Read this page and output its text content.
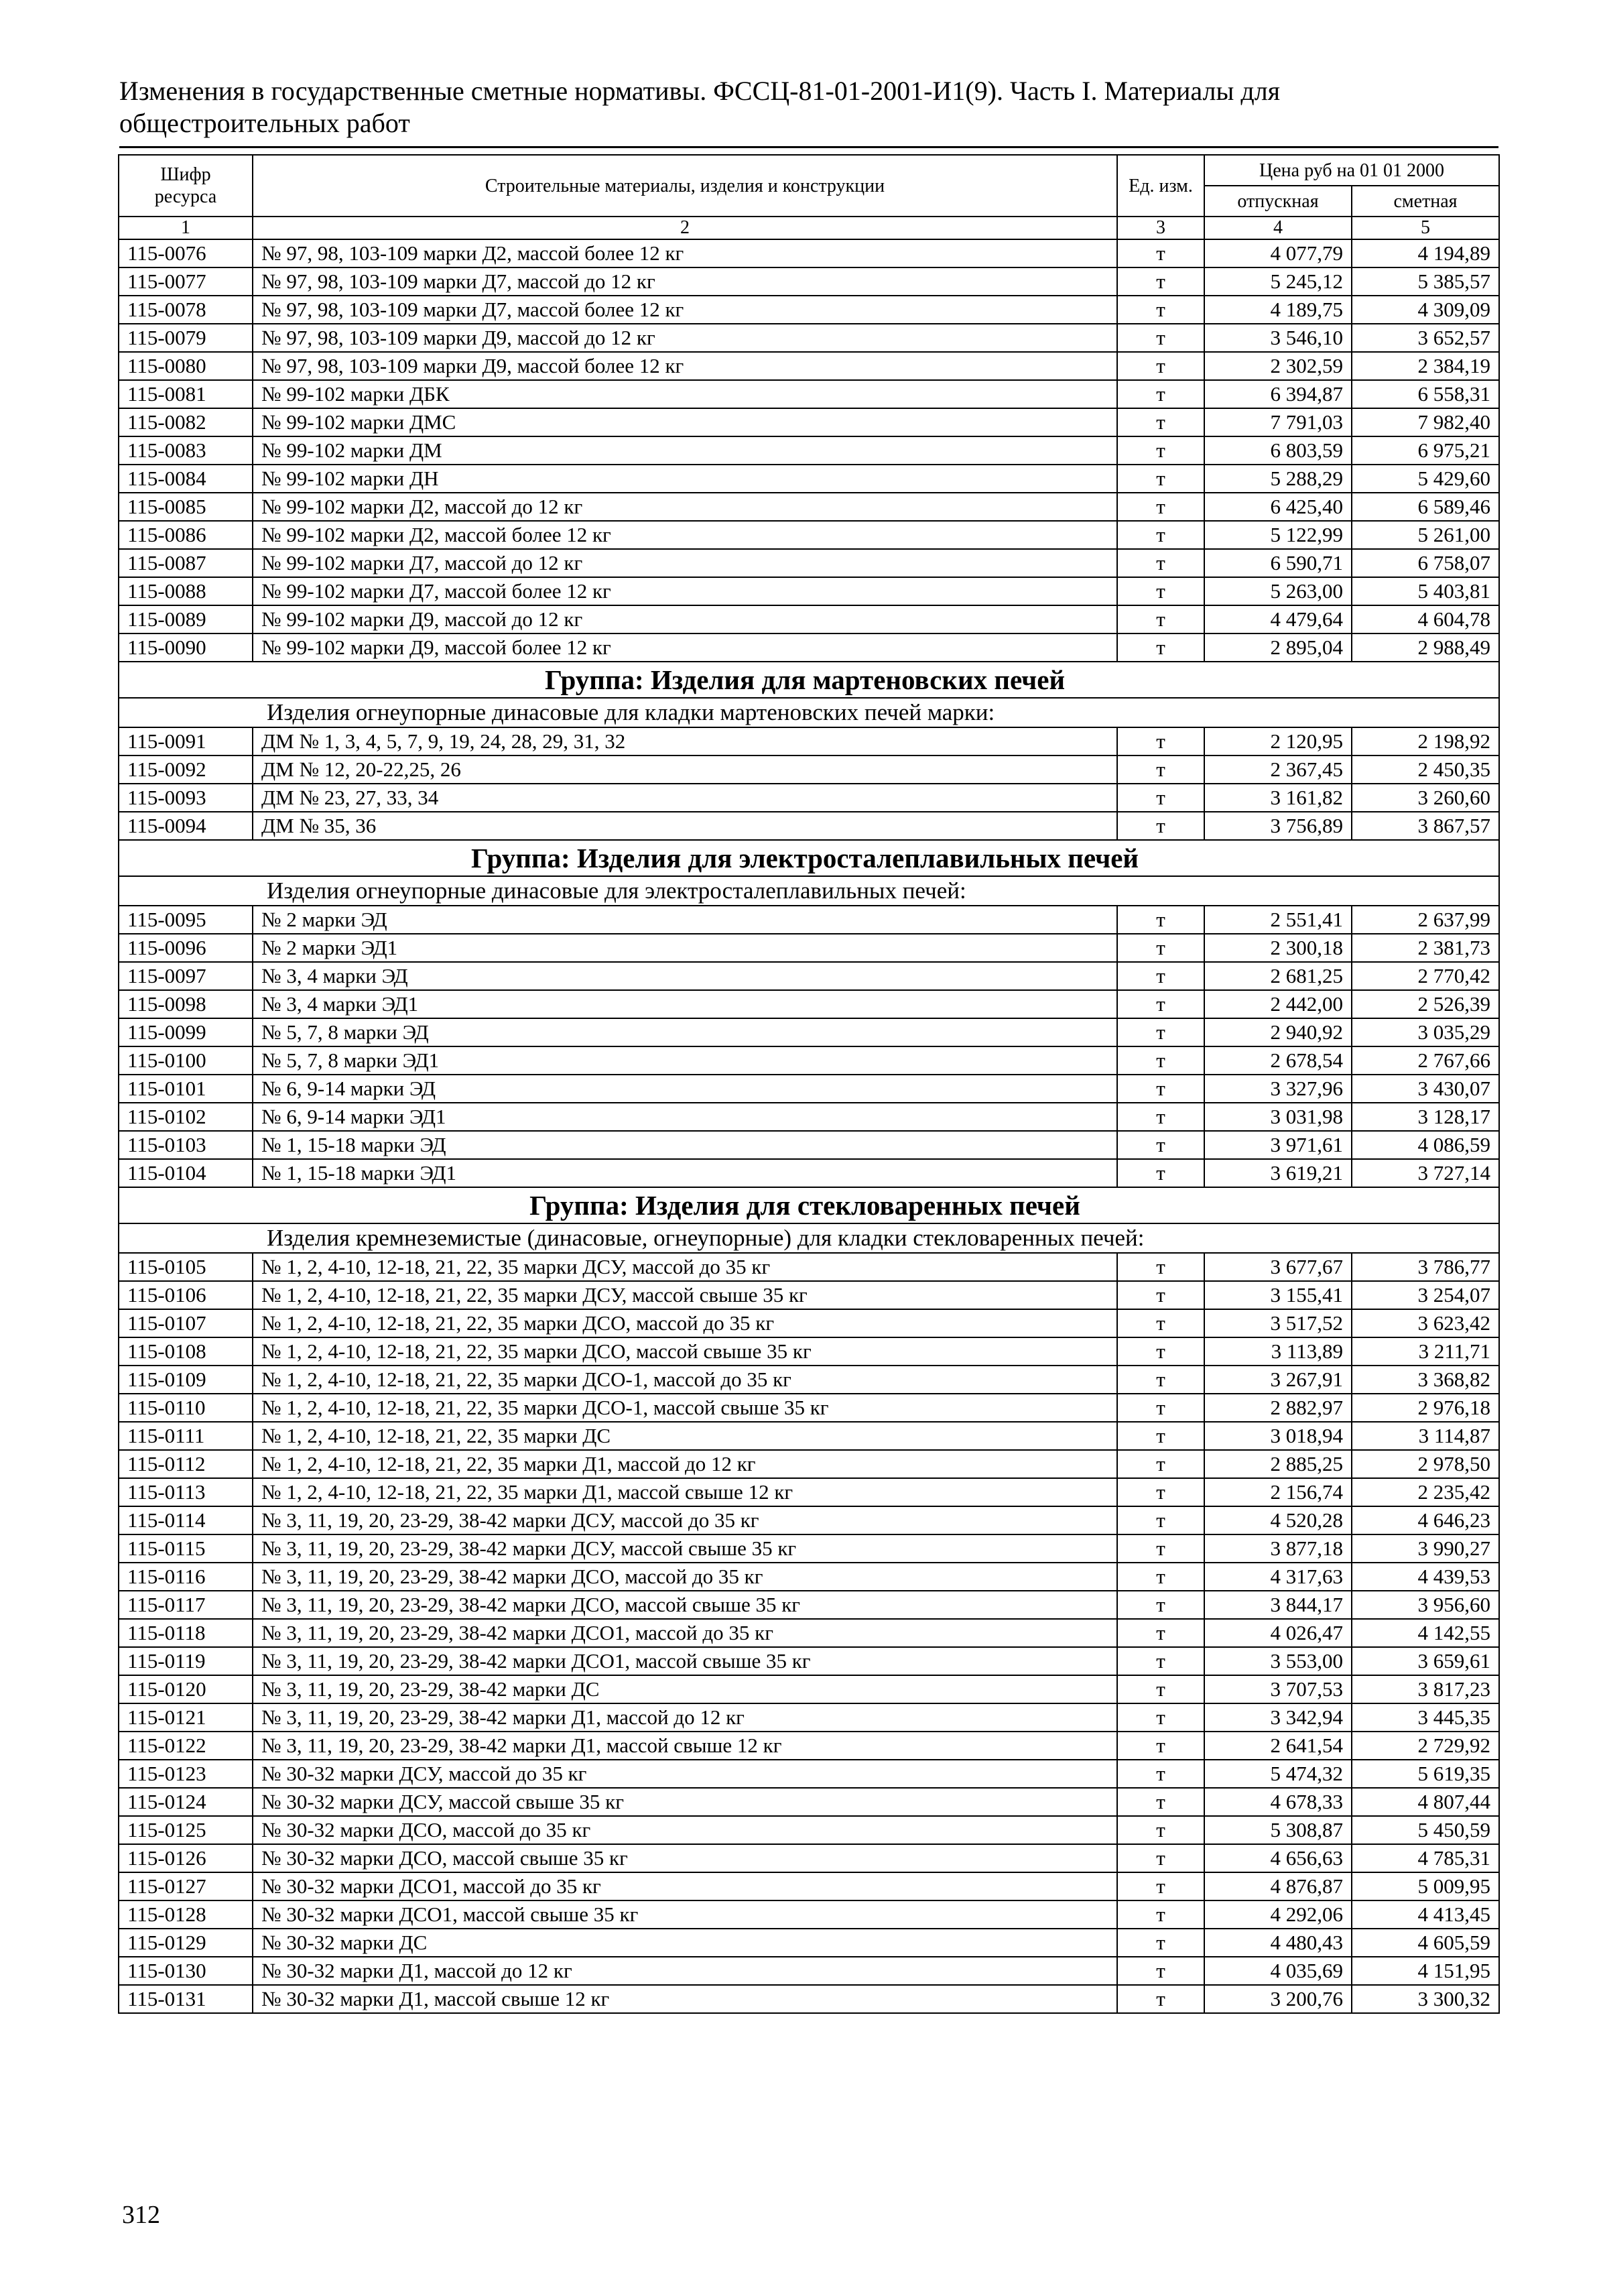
Изменения в государственные сметные нормативы. ФССЦ-81-01-2001-И1(9). Часть I. Материалы для общестроительных работ
Шифр ресурса	Строительные материалы, изделия и конструкции	Ед. изм.	Цена руб на 01 01 2000	
			отпускная	сметная
1	2	3	4	5
115-0076	№ 97, 98, 103-109 марки Д2, массой более 12 кг	т	4 077,79	4 194,89
115-0077	№ 97, 98, 103-109 марки Д7, массой до 12 кг	т	5 245,12	5 385,57
115-0078	№ 97, 98, 103-109 марки Д7, массой более 12 кг	т	4 189,75	4 309,09
115-0079	№ 97, 98, 103-109 марки Д9, массой до 12 кг	т	3 546,10	3 652,57
115-0080	№ 97, 98, 103-109 марки Д9, массой более 12 кг	т	2 302,59	2 384,19
115-0081	№ 99-102 марки ДБК	т	6 394,87	6 558,31
115-0082	№ 99-102 марки ДМС	т	7 791,03	7 982,40
115-0083	№ 99-102 марки ДМ	т	6 803,59	6 975,21
115-0084	№ 99-102 марки ДН	т	5 288,29	5 429,60
115-0085	№ 99-102 марки Д2, массой до 12 кг	т	6 425,40	6 589,46
115-0086	№ 99-102 марки Д2, массой более 12 кг	т	5 122,99	5 261,00
115-0087	№ 99-102 марки Д7, массой до 12 кг	т	6 590,71	6 758,07
115-0088	№ 99-102 марки Д7, массой более 12 кг	т	5 263,00	5 403,81
115-0089	№ 99-102 марки Д9, массой до 12 кг	т	4 479,64	4 604,78
115-0090	№ 99-102 марки Д9, массой более 12 кг	т	2 895,04	2 988,49
Группа: Изделия для мартеновских печей				
Изделия огнеупорные динасовые для кладки мартеновских печей марки:				
115-0091	ДМ № 1, 3, 4, 5, 7, 9, 19, 24, 28, 29, 31, 32	т	2 120,95	2 198,92
115-0092	ДМ № 12, 20-22,25, 26	т	2 367,45	2 450,35
115-0093	ДМ № 23, 27, 33, 34	т	3 161,82	3 260,60
115-0094	ДМ № 35, 36	т	3 756,89	3 867,57
Группа: Изделия для электросталеплавильных печей				
Изделия огнеупорные динасовые для электросталеплавильных печей:				
115-0095	№ 2 марки ЭД	т	2 551,41	2 637,99
115-0096	№ 2 марки ЭД1	т	2 300,18	2 381,73
115-0097	№ 3, 4 марки ЭД	т	2 681,25	2 770,42
115-0098	№ 3, 4 марки ЭД1	т	2 442,00	2 526,39
115-0099	№ 5, 7, 8 марки ЭД	т	2 940,92	3 035,29
115-0100	№ 5, 7, 8 марки ЭД1	т	2 678,54	2 767,66
115-0101	№ 6, 9-14 марки ЭД	т	3 327,96	3 430,07
115-0102	№ 6, 9-14 марки ЭД1	т	3 031,98	3 128,17
115-0103	№ 1, 15-18 марки ЭД	т	3 971,61	4 086,59
115-0104	№ 1, 15-18 марки ЭД1	т	3 619,21	3 727,14
Группа: Изделия для стекловаренных печей				
Изделия кремнеземистые (динасовые, огнеупорные) для кладки стекловаренных печей:				
115-0105	№ 1, 2, 4-10, 12-18, 21, 22, 35 марки ДСУ, массой до 35 кг	т	3 677,67	3 786,77
115-0106	№ 1, 2, 4-10, 12-18, 21, 22, 35 марки ДСУ, массой свыше 35 кг	т	3 155,41	3 254,07
115-0107	№ 1, 2, 4-10, 12-18, 21, 22, 35 марки ДСО, массой до 35 кг	т	3 517,52	3 623,42
115-0108	№ 1, 2, 4-10, 12-18, 21, 22, 35 марки ДСО, массой свыше 35 кг	т	3 113,89	3 211,71
115-0109	№ 1, 2, 4-10, 12-18, 21, 22, 35 марки ДСО-1, массой до 35 кг	т	3 267,91	3 368,82
115-0110	№ 1, 2, 4-10, 12-18, 21, 22, 35 марки ДСО-1, массой свыше 35 кг	т	2 882,97	2 976,18
115-0111	№ 1, 2, 4-10, 12-18, 21, 22, 35 марки ДС	т	3 018,94	3 114,87
115-0112	№ 1, 2, 4-10, 12-18, 21, 22, 35 марки Д1, массой до 12 кг	т	2 885,25	2 978,50
115-0113	№ 1, 2, 4-10, 12-18, 21, 22, 35 марки Д1, массой свыше 12 кг	т	2 156,74	2 235,42
115-0114	№ 3, 11, 19, 20, 23-29, 38-42 марки ДСУ, массой до 35 кг	т	4 520,28	4 646,23
115-0115	№ 3, 11, 19, 20, 23-29, 38-42 марки ДСУ, массой свыше 35 кг	т	3 877,18	3 990,27
115-0116	№ 3, 11, 19, 20, 23-29, 38-42 марки ДСО, массой до 35 кг	т	4 317,63	4 439,53
115-0117	№ 3, 11, 19, 20, 23-29, 38-42 марки ДСО, массой свыше 35 кг	т	3 844,17	3 956,60
115-0118	№ 3, 11, 19, 20, 23-29, 38-42 марки ДСО1, массой до 35 кг	т	4 026,47	4 142,55
115-0119	№ 3, 11, 19, 20, 23-29, 38-42 марки ДСО1, массой свыше 35 кг	т	3 553,00	3 659,61
115-0120	№ 3, 11, 19, 20, 23-29, 38-42 марки ДС	т	3 707,53	3 817,23
115-0121	№ 3, 11, 19, 20, 23-29, 38-42 марки Д1, массой до 12 кг	т	3 342,94	3 445,35
115-0122	№ 3, 11, 19, 20, 23-29, 38-42 марки Д1, массой свыше 12 кг	т	2 641,54	2 729,92
115-0123	№ 30-32 марки ДСУ, массой до 35 кг	т	5 474,32	5 619,35
115-0124	№ 30-32 марки ДСУ, массой свыше 35 кг	т	4 678,33	4 807,44
115-0125	№ 30-32 марки ДСО, массой до 35 кг	т	5 308,87	5 450,59
115-0126	№ 30-32 марки ДСО, массой свыше 35 кг	т	4 656,63	4 785,31
115-0127	№ 30-32 марки ДСО1, массой до 35 кг	т	4 876,87	5 009,95
115-0128	№ 30-32 марки ДСО1, массой свыше 35 кг	т	4 292,06	4 413,45
115-0129	№ 30-32 марки ДС	т	4 480,43	4 605,59
115-0130	№ 30-32 марки Д1, массой до 12 кг	т	4 035,69	4 151,95
115-0131	№ 30-32 марки Д1, массой свыше 12 кг	т	3 200,76	3 300,32
312
